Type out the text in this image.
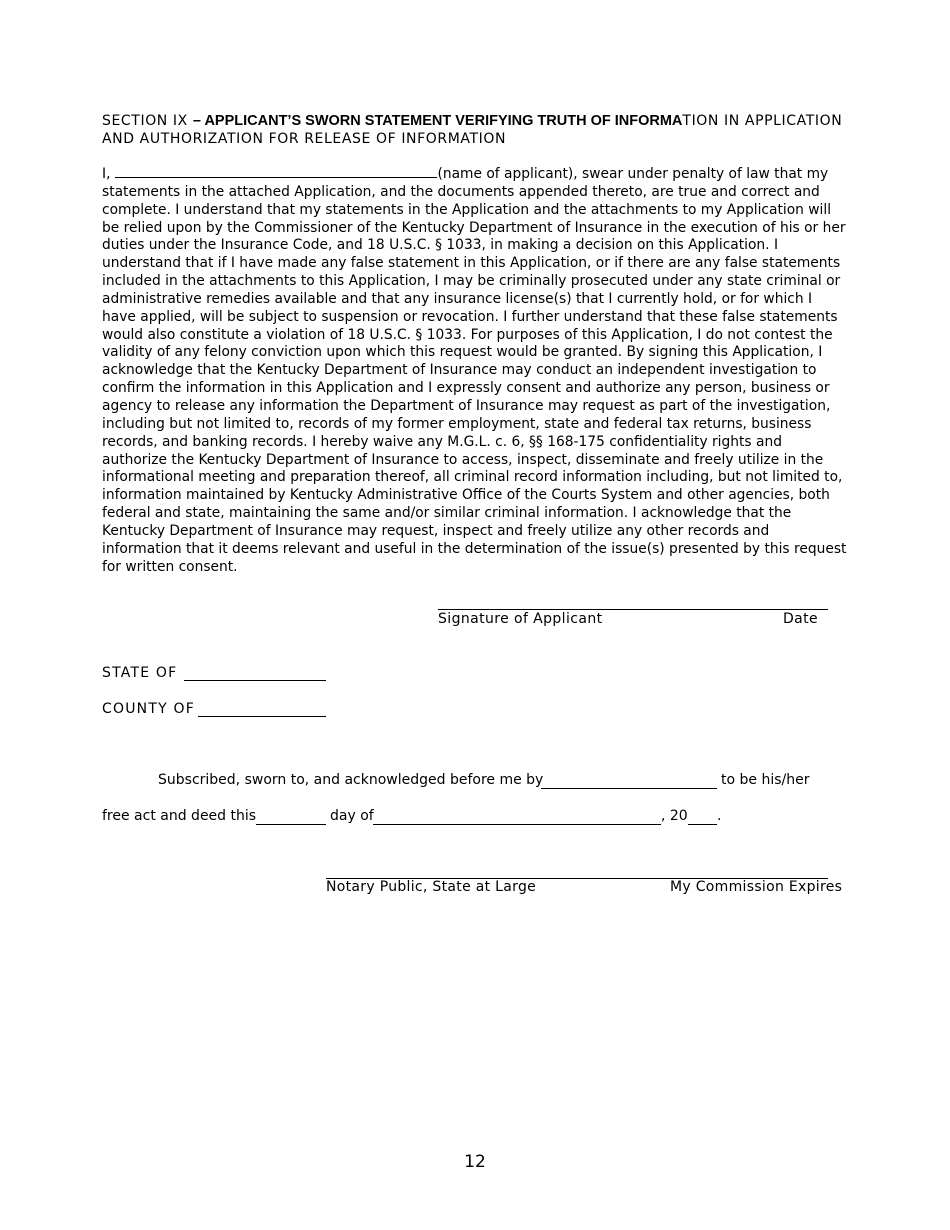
SECTION IX – APPLICANT’S SWORN STATEMENT VERIFYING TRUTH OF INFORMATION IN APPLICATION AND AUTHORIZATION FOR RELEASE OF INFORMATION
I,	(name of applicant), swear under penalty of law that my statements in the attached Application, and the documents appended thereto, are true and correct and complete. I understand that my statements in the Application and the attachments to my Application will be relied upon by the Commissioner of the Kentucky Department of Insurance in the execution of his or her duties under the Insurance Code, and 18 U.S.C. § 1033, in making a decision on this Application. I understand that if I have made any false statement in this Application, or if there are any false statements included in the attachments to this Application, I may be criminally prosecuted under any state criminal or administrative remedies available and that any insurance license(s) that I currently hold, or for which I have applied, will be subject to suspension or revocation. I further understand that these false statements would also constitute a violation of 18 U.S.C. § 1033. For purposes of this Application, I do not contest the validity of any felony conviction upon which this request would be granted. By signing this Application, I acknowledge that the Kentucky Department of Insurance may conduct an independent investigation to confirm the information in this Application and I expressly consent and authorize any person, business or agency to release any information the Department of Insurance may request as part of the investigation, including but not limited to, records of my former employment, state and federal tax returns, business records, and banking records. I hereby waive any M.G.L. c. 6, §§ 168-175 confidentiality rights and authorize the Kentucky Department of Insurance to access, inspect, disseminate and freely utilize in the informational meeting and preparation thereof, all criminal record information including, but not limited to, information maintained by Kentucky Administrative Office of the Courts System and other agencies, both federal and state, maintaining the same and/or similar criminal information. I acknowledge that the Kentucky Department of Insurance may request, inspect and freely utilize any other records and information that it deems relevant and useful in the determination of the issue(s) presented by this request for written consent.
Signature of Applicant	Date
STATE OF
COUNTY OF
Subscribed, sworn to, and acknowledged before me by	to be his/her
free act and deed this	day of	, 20 .
Notary Public, State at Large	My Commission Expires
12
